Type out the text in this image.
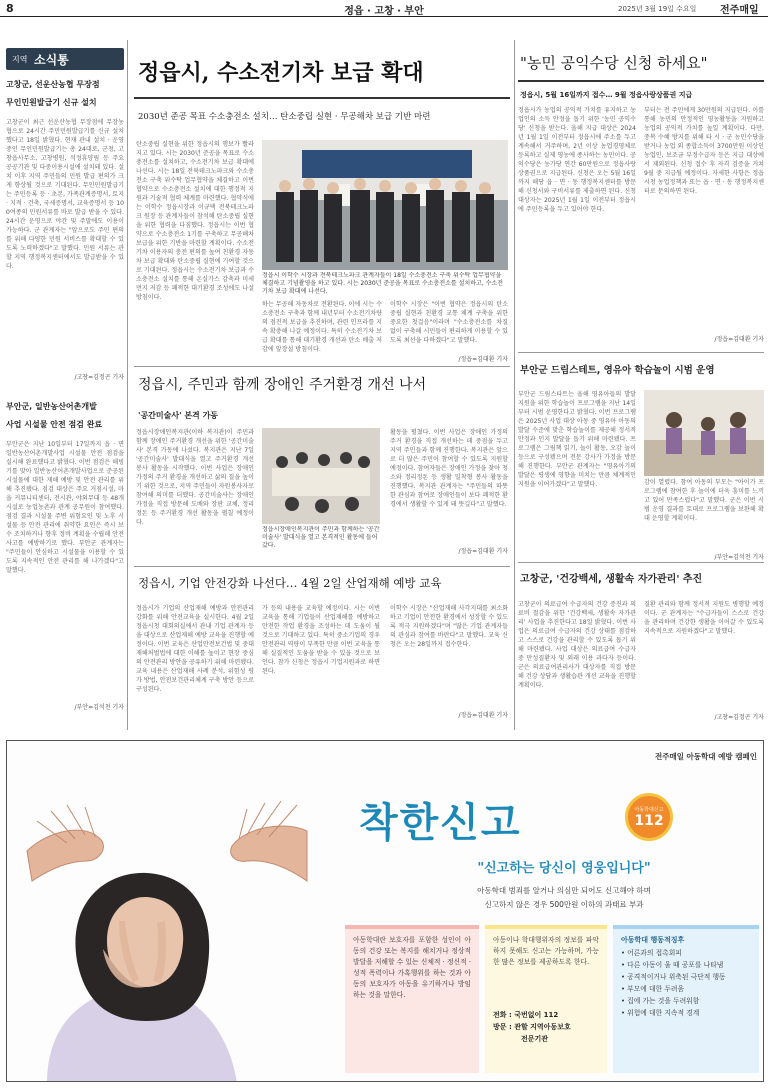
8	정읍 · 고창 · 부안	2025년 3월 19일 수요일 전주매일
지역 소식통
고창군, 선운산농협 무장점
무인민원발급기 신규 설치
고창군이 최근 선운산농협 무장점에 무장농협으로 24시간 주민민원발급기를 신규 설치했다고 18일 밝혔다. 현재 관내 설치 · 운영 중인 무인민원발급기는 총 24대로, 군청, 고창읍사무소, 고창병원, 석정휴양림 등 주요 공공기관 및 다중이용시설에 설치돼 있다. 설치 이후 지역 주민들의 민원 발급 편의가 크게 향상될 것으로 기대된다. 무인민원발급기는 주민등록 등 · 초본, 가족관계증명서, 토지 · 지적 · 건축, 국세증명서, 교육증명서 등 100여종의 민원서류를 바로 발급 받을 수 있다. 24시간 운영으로 야간 및 주말에도 이용이 가능하다. 군 관계자는 "앞으로도 주민 편의를 위해 다양한 민원 서비스를 확대할 수 있도록 노력하겠다"고 말했다. 민원 서류는 관할 지역 행정복지센터에서도 발급받을 수 있다.
/고창=김정곤 기자
부안군, 일반농산어촌개발
사업 시설물 안전 점검 완료
부안군은 지난 10일부터 17일까지 읍 · 면 일반농산어촌개발사업 시설물 안전 점검을 실시해 완료했다고 밝혔다. 이번 점검은 해빙기를 맞아 일반농산어촌개발사업으로 준공된 시설물에 대한 재해 예방 및 안전 관리를 위해 추진됐다. 점검 대상은 주요 거점시설, 마을 커뮤니티센터, 전시관, 야외무대 등 48개 시설로 농업농촌과 관계 공무원이 참여했다. 점검 결과 시설물 주변 위험요인 및 노후 시설물 등 안전 관리에 취약한 요인은 즉시 보수 조치하거나 향후 정비 계획을 수립해 안전사고를 예방하기로 했다. 부안군 관계자는 "주민들이 안심하고 시설물을 이용할 수 있도록 지속적인 안전 관리를 해 나가겠다"고 말했다.
/부안=김석천 기자
정읍시, 수소전기차 보급 확대
2030년 준공 목표 수소충전소 설치… 탄소중립 실현 · 무공해차 보급 기반 마련
탄소중립 실현을 위한 정읍시의 행보가 빨라지고 있다. 시는 2030년 준공을 목표로 수소충전소를 설치하고, 수소전기차 보급 확대에 나선다. 시는 18일 전북테크노파크와 수소충전소 구축 위수탁 업무협약을 체결하고 이번 협약으로 수소충전소 설치에 대한 행정적 지원과 기술적 협력 체계를 마련했다. 협약식에는 이학수 정읍시장과 이규택 전북테크노파크 원장 등 관계자들이 참석해 탄소중립 실현을 위한 협력을 다짐했다. 정읍시는 이번 협약으로 수소충전소 1기를 구축하고 무공해차 보급을 위한 기반을 마련할 계획이다. 수소전기차 이용자의 충전 편의를 높여 친환경 자동차 보급 확대와 탄소중립 실현에 기여할 것으로 기대된다. 정읍시는 수소전기차 보급과 수소충전소 설치를 통해 온실가스 감축과 미세먼지 저감 등 쾌적한 대기환경 조성에도 나설 방침이다.
정읍시 이학수 시장과 전북테크노파크 관계자들이 18일 수소충전소 구축 위수탁 업무협약을 체결하고 기념촬영을 하고 있다. 시는 2030년 준공을 목표로 수소충전소를 설치하고, 수소전기차 보급 확대에 나선다.
하는 무공해 자동차로 전환된다. 이에 시는 수소충전소 구축과 함께 내년부터 수소전기차량의 점진적 보급을 추진하며, 관련 인프라를 지속 확충해 나갈 예정이다. 특히 수소전기차 보급 확대를 통해 대기환경 개선과 탄소 배출 저감에 앞장설 방침이다.
이학수 시장은 "이번 협약은 정읍시의 탄소중립 실현과 친환경 교통 체계 구축을 위한 중요한 첫걸음"이라며 "수소충전소를 차질 없이 구축해 시민들이 편리하게 이용할 수 있도록 최선을 다하겠다"고 말했다.
/정읍=김대환 기자
"농민 공익수당 신청 하세요"
정읍시, 5월 16일까지 접수… 9월 정읍사랑상품권 지급
정읍시가 농업의 공익적 가치를 유지하고 농업인의 소득 안정을 돕기 위한 '농민 공익수당' 신청을 받는다. 올해 지급 대상은 2024년 1월 1일 이전부터 정읍시에 주소를 두고 계속해서 거주하며, 2년 이상 농업경영체로 등록하고 실제 영농에 종사하는 농민이다. 공익수당은 농가당 연간 60만원으로 정읍사랑상품권으로 지급된다. 신청은 오는 5월 16일까지 해당 읍 · 면 · 동 행정복지센터를 방문해 신청서와 구비서류를 제출하면 된다. 신청 대상자는 2025년 1월 1일 이전부터 정읍시에 주민등록을 두고 있어야 한다.
부터는 전 주민에게 30만원의 지급된다. 이를 통해 농민의 안정적인 영농활동을 지원하고 농업의 공익적 가치를 높일 계획이다. 다만, 중복 수혜 방지를 위해 타 시 · 군 농민수당을 받거나 농업 외 종합소득이 3700만원 이상인 농업인, 보조금 부정수급자 등은 지급 대상에서 제외된다. 신청 접수 후 자격 검증을 거쳐 9월 중 지급될 예정이다. 자세한 사항은 정읍시청 농업정책과 또는 읍 · 면 · 동 행정복지센터로 문의하면 된다.
/정읍=김대환 기자
정읍시, 주민과 함께 장애인 주거환경 개선 나서
'공간미술사' 본격 가동
정읍시장애인복지관(이하 복지관)이 주민과 함께 장애인 주거환경 개선을 위한 '공간미술사' 본격 가동에 나섰다. 복지관은 지난 7일 '공간미술사' 발대식을 열고 주거환경 개선 봉사 활동을 시작했다. 이번 사업은 장애인 가정의 주거 환경을 개선하고 삶의 질을 높이기 위한 것으로, 지역 주민들이 자원봉사자로 참여해 의미를 더했다. 공간미술사는 장애인 가정을 직접 방문해 도배와 장판 교체, 정리정돈 등 주거환경 개선 활동을 펼칠 예정이다.
정읍시장애인복지관이 주민과 함께하는 '공간미술사' 발대식을 열고 본격적인 활동에 들어갔다.
활동을 펼쳤다. 이번 사업은 장애인 가정의 주거 환경을 직접 개선하는 데 중점을 두고 지역 주민들과 함께 진행한다. 복지관은 앞으로 더 많은 주민이 참여할 수 있도록 지원할 예정이다. 참여자들은 장애인 가정을 찾아 청소와 정리정돈 등 생활 밀착형 봉사 활동을 진행했다. 복지관 관계자는 "주민들의 따뜻한 관심과 참여로 장애인들이 보다 쾌적한 환경에서 생활할 수 있게 돼 뜻깊다"고 말했다.
/정읍=김대환 기자
부안군 드림스테트, 영유아 학습놀이 시범 운영
부안군 드림스타트는 올해 영유아들의 발달 지원을 위한 학습놀이 프로그램을 지난 14일부터 시범 운영한다고 밝혔다. 이번 프로그램은 2025년 사업 대상 아동 중 영유아 아동의 발달 수준에 맞춘 학습놀이를 제공해 정서적 안정과 인지 발달을 돕기 위해 마련됐다. 프로그램은 그림책 읽기, 놀이 활동, 오감 놀이 등으로 구성됐으며 전문 강사가 가정을 방문해 진행한다. 부안군 관계자는 "영유아기의 발달은 평생에 영향을 미치는 만큼 체계적인 지원을 이어가겠다"고 말했다.	감이 열렸다. 참여 아동의 부모는 "아이가 프로그램에 참여한 후 놀이에 더욱 흥미를 느끼고 있어 만족스럽다"고 말했다. 군은 이번 시범 운영 결과를 토대로 프로그램을 보완해 확대 운영할 계획이다.
/부안=김석천 기자
정읍시, 기업 안전강화 나선다… 4월 2일 산업재해 예방 교육
정읍시가 기업의 산업재해 예방과 안전관리 강화를 위해 안전교육을 실시한다. 4월 2일 정읍시청 대회의실에서 관내 기업 관계자 등을 대상으로 산업재해 예방 교육을 진행할 예정이다. 이번 교육은 산업안전보건법 및 중대재해처벌법에 대한 이해를 높이고 현장 중심의 안전관리 방안을 공유하기 위해 마련됐다. 교육 내용은 산업재해 사례 분석, 위험성 평가 방법, 안전보건관리체계 구축 방안 등으로 구성된다.
가 등의 내용을 교육할 예정이다. 시는 이번 교육을 통해 기업들이 산업재해를 예방하고 안전한 작업 환경을 조성하는 데 도움이 될 것으로 기대하고 있다. 특히 중소기업의 경우 안전관리 역량이 부족한 만큼 이번 교육을 통해 실질적인 도움을 받을 수 있을 것으로 보인다. 참가 신청은 정읍시 기업지원과로 하면 된다.
이학수 시장은 "산업재해 사각지대를 최소화하고 기업이 안전한 환경에서 성장할 수 있도록 적극 지원하겠다"며 "많은 기업 관계자들의 관심과 참여를 바란다"고 말했다. 교육 신청은 오는 28일까지 접수한다.
/정읍=김대환 기자
고창군, '건강백세, 생활속 자가관리' 추진
고창군이 의료급여 수급자의 건강 증진과 의료비 절감을 위한 '건강백세, 생활속 자가관리' 사업을 추진한다고 18일 밝혔다. 이번 사업은 의료급여 수급자의 건강 상태를 점검하고 스스로 건강을 관리할 수 있도록 돕기 위해 마련됐다. 사업 대상은 의료급여 수급자 중 만성질환자 및 외래 이용 과다자 등이다. 군은 의료급여관리사가 대상자를 직접 방문해 건강 상담과 생활습관 개선 교육을 진행할 계획이다.
질환 관리와 함께 정서적 지원도 병행할 예정이다. 군 관계자는 "수급자들이 스스로 건강을 관리하며 건강한 생활을 이어갈 수 있도록 지속적으로 지원하겠다"고 말했다.
/고창=김정곤 기자
전주매일 아동학대 예방 캠페인
착한신고	아동학대신고
112
"신고하는 당신이 영웅입니다"
아동학대 범죄를 알거나 의심만 되어도 신고해야 하며
신고하지 않은 경우 500만원 이하의 과태료 부과
아동학대란 보호자를 포함한 성인이 아동의 건강 또는 복지를 해치거나 정상적 발달을 저해할 수 있는 신체적 · 정신적 · 성적 폭력이나 가혹행위를 하는 것과 아동의 보호자가 아동을 유기하거나 방임하는 것을 말한다.
아동이나 학대행위자의 정보를 파악하지 못해도 신고는 가능하며, 가능한 많은 정보를 제공하도록 한다.
전화 : 국번없이 112
방문 : 관할 지역아동보호
전문기관
아동학대 행동적징후
• 어른과의 접촉회피
• 다른 아동이 울 때 공포를 나타냄
• 공격적이거나 위축된 극단적 행동
• 부모에 대한 두려움
• 집에 가는 것을 두려워함
• 위험에 대한 지속적 경계
